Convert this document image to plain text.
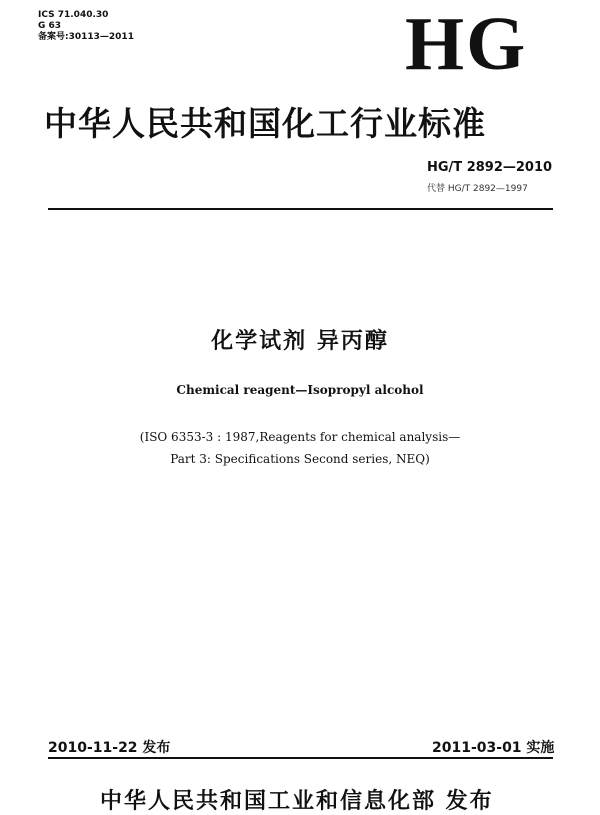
ICS 71.040.30
G 63
备案号:30113—2011	HG
中华人民共和国化工行业标准
HG/T 2892—2010
代替 HG/T 2892—1997
化学试剂 异丙醇
Chemical reagent—Isopropyl alcohol
(ISO 6353-3 : 1987,Reagents for chemical analysis—
Part 3: Specifications Second series, NEQ)
2010-11-22 发布	2011-03-01 实施
中华人民共和国工业和信息化部 发布
